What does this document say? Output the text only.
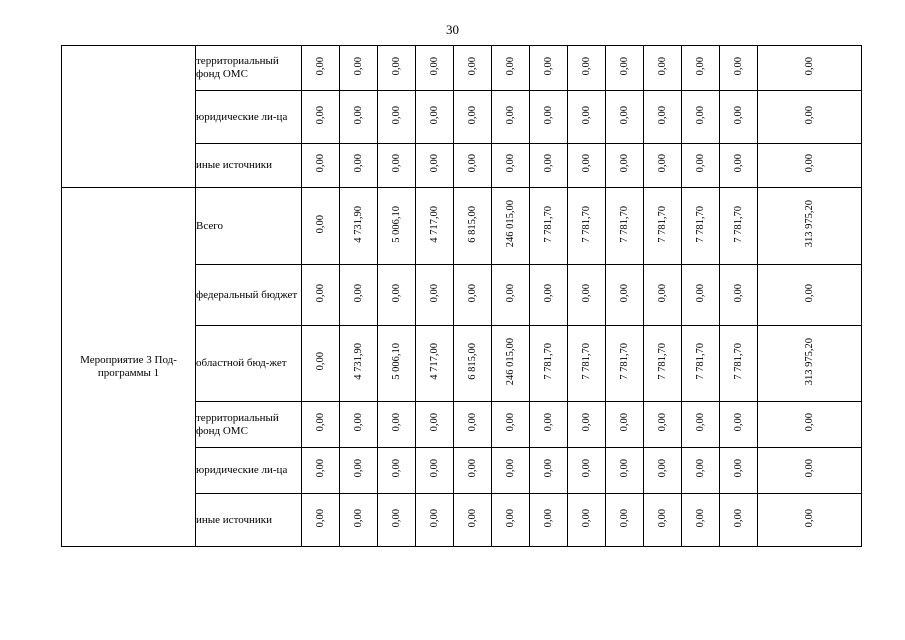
30
	территориальный фонд ОМС	0,00	0,00	0,00	0,00	0,00	0,00	0,00	0,00	0,00	0,00	0,00	0,00	0,00
	юридические ли-ца	0,00	0,00	0,00	0,00	0,00	0,00	0,00	0,00	0,00	0,00	0,00	0,00	0,00
	иные источники	0,00	0,00	0,00	0,00	0,00	0,00	0,00	0,00	0,00	0,00	0,00	0,00	0,00
Мероприятие 3 Под-программы 1	Всего	0,00	4 731,90	5 006,10	4 717,00	6 815,00	246 015,00	7 781,70	7 781,70	7 781,70	7 781,70	7 781,70	7 781,70	313 975,20
	федеральный бюджет	0,00	0,00	0,00	0,00	0,00	0,00	0,00	0,00	0,00	0,00	0,00	0,00	0,00
	областной бюд-жет	0,00	4 731,90	5 006,10	4 717,00	6 815,00	246 015,00	7 781,70	7 781,70	7 781,70	7 781,70	7 781,70	7 781,70	313 975,20
	территориальный фонд ОМС	0,00	0,00	0,00	0,00	0,00	0,00	0,00	0,00	0,00	0,00	0,00	0,00	0,00
	юридические ли-ца	0,00	0,00	0,00	0,00	0,00	0,00	0,00	0,00	0,00	0,00	0,00	0,00	0,00
	иные источники	0,00	0,00	0,00	0,00	0,00	0,00	0,00	0,00	0,00	0,00	0,00	0,00	0,00
